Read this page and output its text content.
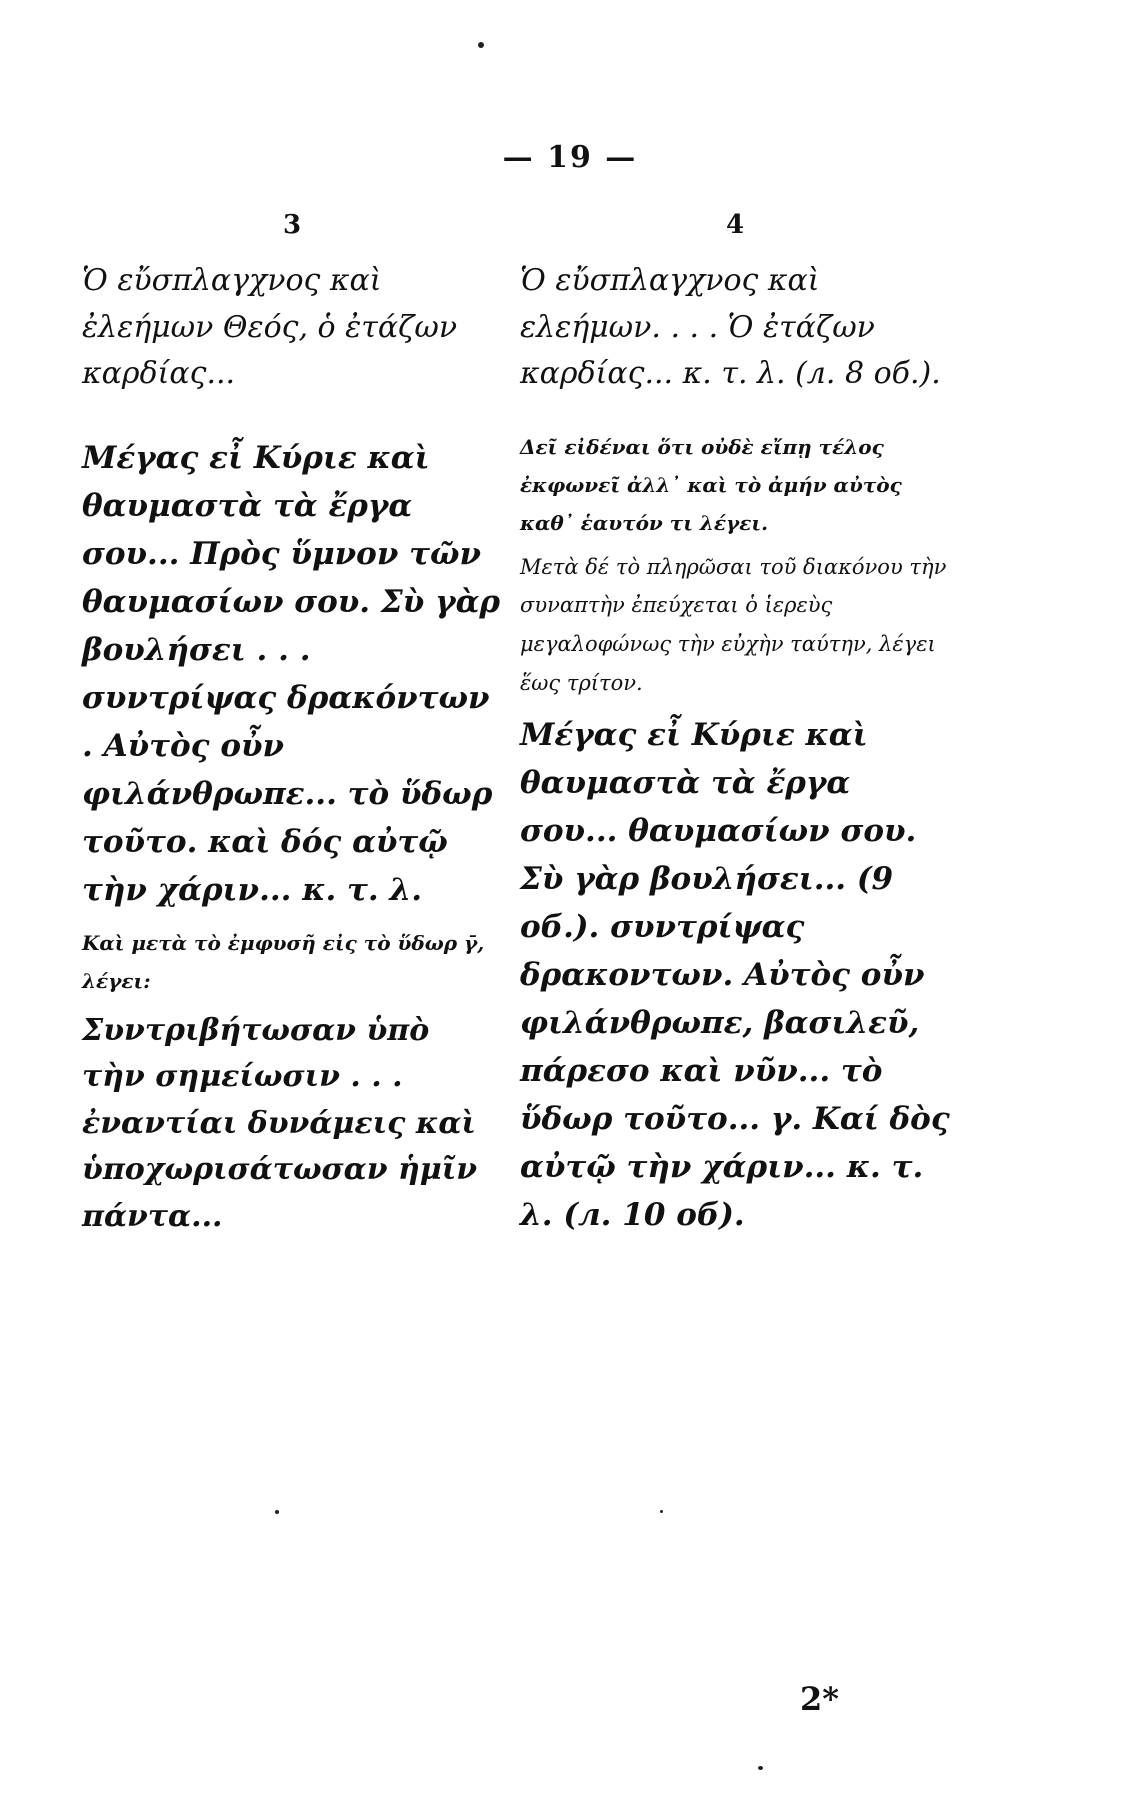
— 19 —
3

Ὁ εὔσπλαγχνος καὶ ἐλεήμων Θεός, ὁ ἐτάζων καρδίας...

Μέγας εἶ Κύριε καὶ θαυμαστὰ τὰ ἔργα σου... Πρὸς ὕμνον τῶν θαυμασίων σου. Σὺ γὰρ βουλήσει . . . συντρίψας δρακόντων . Αὐτὸς οὖν φιλάνθρωπε... τὸ ὕδωρ τοῦτο. καὶ δός αὐτῷ τὴν χάριν... κ. τ. λ.

Καὶ μετὰ τὸ ἐμφυσῆ εἰς τὸ ὕδωρ γ̄, λέγει:

Συντριβήτωσαν ὑπὸ τὴν σημείωσιν . . . ἐναντίαι δυνάμεις καὶ ὑποχωρισάτωσαν ἡμῖν πάντα...

4

Ὁ εὔσπλαγχνος καὶ ελεήμων. . . . Ὁ ἐτάζων καρδίας... κ. τ. λ. (л. 8 об.).

Δεῖ εἰδέναι ὅτι οὐδὲ εἴπῃ τέλος ἐκφωνεῖ ἀλλ᾽ καὶ τὸ ἀμήν αὐτὸς καθ᾽ ἑαυτόν τι λέγει.

Μετὰ δέ τὸ πληρῶσαι τοῦ διακόνου τὴν συναπτὴν ἐπεύχεται ὁ ἱερεὺς μεγαλοφώνως τὴν εὐχὴν ταύτην, λέγει ἕως τρίτον.

Μέγας εἶ Κύριε καὶ θαυμαστὰ τὰ ἔργα σου... θαυμασίων σου. Σὺ γὰρ βουλήσει... (9 об.). συντρίψας δρακοντων. Αὐτὸς οὖν φιλάνθρωπε, βασιλεῦ, πάρεσο καὶ νῦν... τὸ ὕδωρ τοῦτο... γ. Καί δὸς αὐτῷ τὴν χάριν... κ. τ. λ. (л. 10 об).

2*
